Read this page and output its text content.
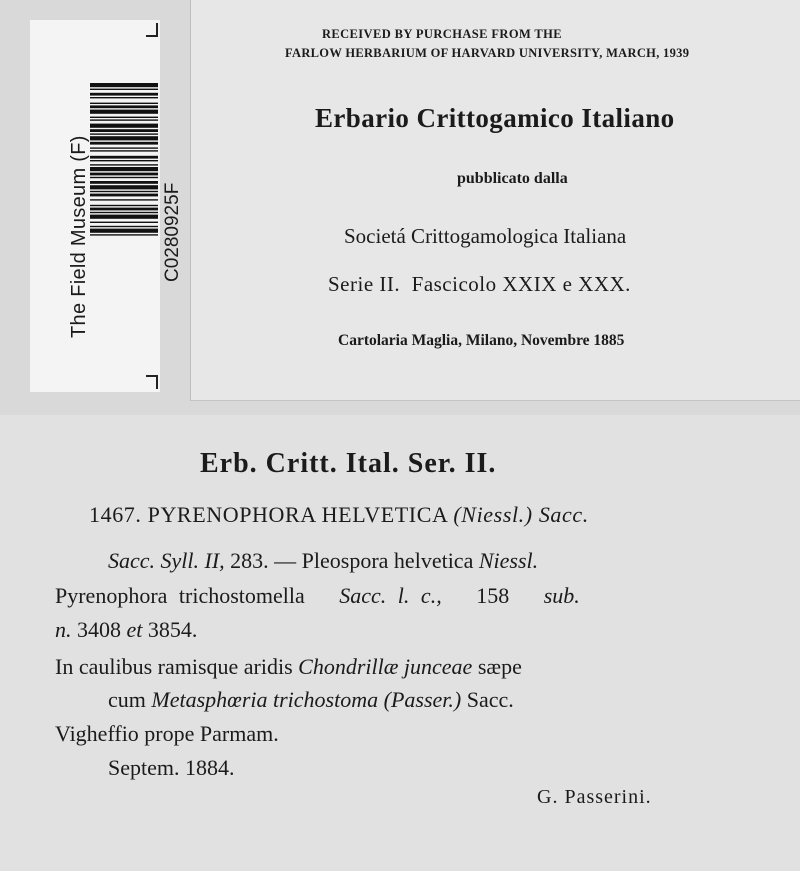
The Field Museum (F)	C0280925F
RECEIVED BY PURCHASE FROM THE
FARLOW HERBARIUM OF HARVARD UNIVERSITY, MARCH, 1939
Erbario Crittogamico Italiano
pubblicato dalla
Societá Crittogamologica Italiana
Serie II.  Fascicolo XXIX e XXX.
Cartolaria Maglia, Milano, Novembre 1885
Erb. Critt. Ital. Ser. II.
1467. PYRENOPHORA HELVETICA (Niessl.) Sacc.
Sacc. Syll. II, 283. — Pleospora helvetica Niessl.
Pyrenophora trichostomella Sacc. l. c., 158 sub.
n. 3408 et 3854.
In caulibus ramisque aridis Chondrillæ junceae sæpe
cum Metasphœria trichostoma (Passer.) Sacc.
Vigheffio prope Parmam.
Septem. 1884.
G. Passerini.
